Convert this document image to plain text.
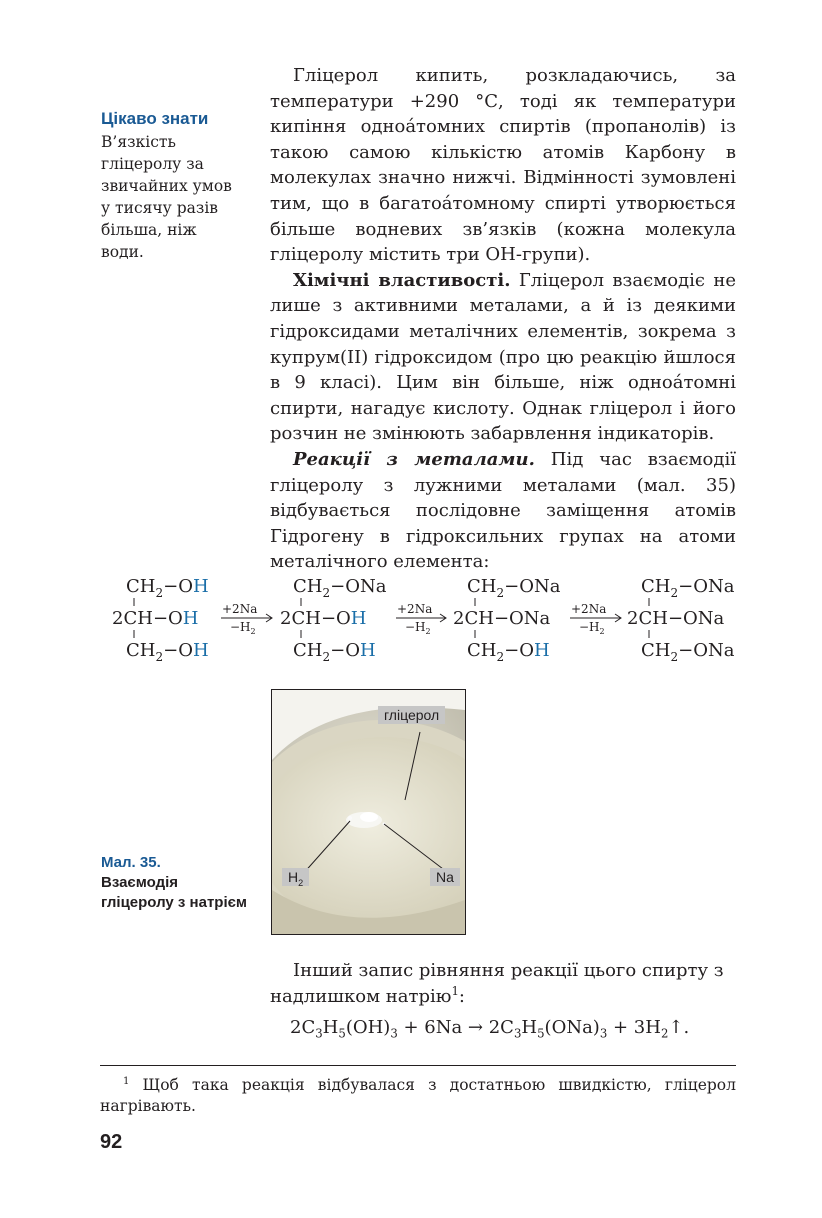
Цікаво знати
В’язкість гліцеролу за звичайних умов у тисячу разів більша, ніж води.

Гліцерол кипить, розкладаючись, за температури +290 °С, тоді як температури кипіння одноа́томних спиртів (пропанолів) із такою самою кількістю атомів Карбону в молекулах значно нижчі. Відмінності зумовлені тим, що в багатоа́томному спирті утворюється більше водневих зв’язків (кожна молекула гліцеролу містить три ОН-групи).

Хімічні властивості. Гліцерол взаємодіє не лише з активними металами, а й із деякими гідроксидами металічних елементів, зокрема з купрум(ІІ) гідроксидом (про цю реакцію йшлося в 9 класі). Цим він більше, ніж одноа́томні спирти, нагадує кислоту. Однак гліцерол і його розчин не змінюють забарвлення індикаторів.

Реакції з металами. Під час взаємодії гліцеролу з лужними металами (мал. 35) відбувається послідовне заміщення атомів Гідрогену в гідроксильних групах на атоми металічного елемента:

$CH_2-OH$
2CH−OH
$CH_2-OH$
+2Na
$-H_2$
$CH_2-ONa$
2CH−OH
$CH_2-OH$
+2Na
$-H_2$
$CH_2-ONa$
2CH−ONa
$CH_2-OH$
+2Na
$-H_2$
$CH_2-ONa$
2CH−ONa
$CH_2-ONa$
гліцерол
$H_2$	Na
Мал. 35.
Взаємодія гліцеролу з натрієм

Інший запис рівняння реакції цього спирту з надлишком натрію$^1$:

$2C_3H_5(OH)_3 + 6Na \to 2C_3H_5(ONa)_3$ + $3H_2↑$.
$^1$ Щоб така реакція відбувалася з достатньою швидкістю, гліцерол нагрівають.
92
